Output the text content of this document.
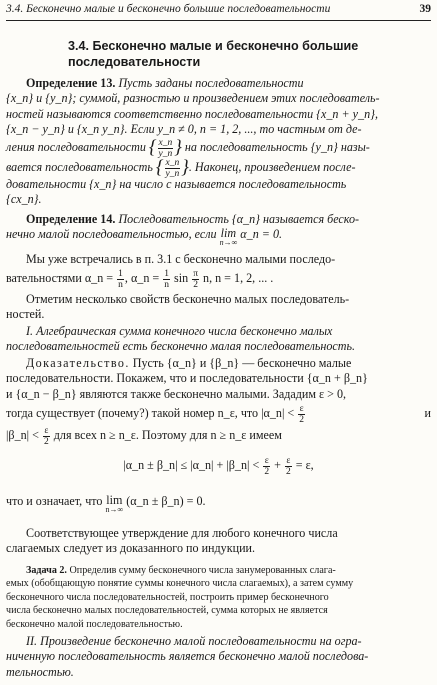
3.4. Бесконечно малые и бесконечно большие последовательности	39
3.4. Бесконечно малые и бесконечно большие последовательности
Определение 13. Пусть заданы последовательности
{x_n} и {y_n}; суммой, разностью и произведением этих последователь-
ностей называются соответственно последовательности {x_n + y_n},
{x_n − y_n} и {x_n y_n}. Если y_n ≠ 0, n = 1, 2, ..., то частным от де-
ления последовательности { $\frac{x\_n}{y\_n}$ } на последовательность {y_n} назы-
вается последовательность { $\frac{x\_n}{y\_n}$ }. Наконец, произведением после-
довательности {x_n} на число c называется последовательность
{cx_n}.
Определение 14. Последовательность {α_n} называется беско-
нечно малой последовательностью, если lim
n→∞
α_n = 0.
Мы уже встречались в п. 3.1 с бесконечно малыми последо-
вательностями α_n = $\frac{1}{n}$ , α_n = $\frac{1}{n}$ $\sin \frac{\pi}{2} n$, n = 1, 2, ... .
Отметим несколько свойств бесконечно малых последователь-
ностей.
I. Алгебраическая сумма конечного числа бесконечно малых
последовательностей есть бесконечно малая последовательность.
Доказательство. Пусть {α_n} и {β_n} — бесконечно малые
последовательности. Покажем, что и последовательности {α_n + β_n}
и {α_n − β_n} являются также бесконечно малыми. Зададим ε > 0,
тогда существует (почему?) такой номер n_ε, что |α_n| < $\frac{\varepsilon}{2}$	и
|β_n| < $\frac{\varepsilon}{2}$ для всех n ≥ n_ε. Поэтому для n ≥ n_ε имеем
|α_n ± β_n| ≤ |α_n| + |β_n| < $\frac{\varepsilon}{2} + \frac{\varepsilon}{2} = \varepsilon$,
что и означает, что lim
n→∞
(α_n ± β_n) = 0.
Соответствующее утверждение для любого конечного числа
слагаемых следует из доказанного по индукции.
Задача 2. Определив сумму бесконечного числа занумерованных слага-
емых (обобщающую понятие суммы конечного числа слагаемых), а затем сумму
бесконечного числа последовательностей, построить пример бесконечного
числа бесконечно малых последовательностей, сумма которых не является
бесконечно малой последовательностью.
II. Произведение бесконечно малой последовательности на огра-
ниченную последовательность является бесконечно малой последова-
тельностью.
